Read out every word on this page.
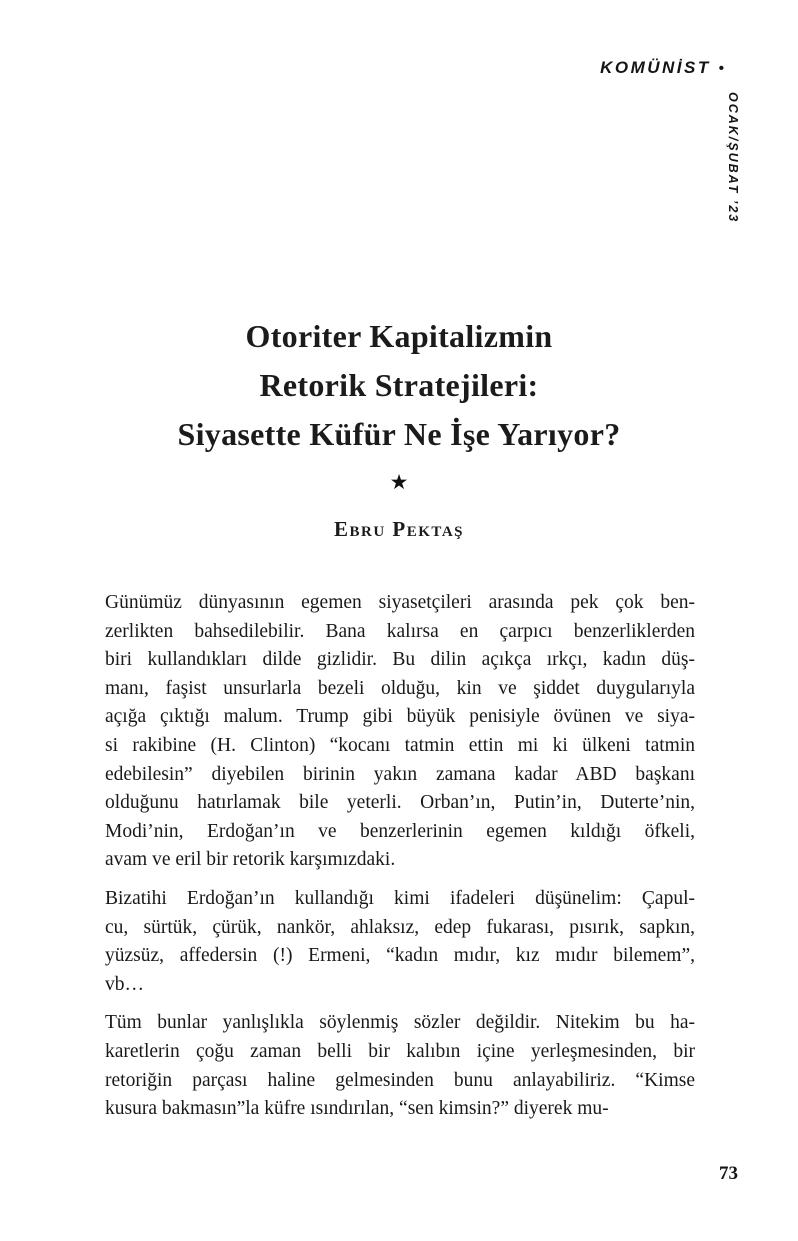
KOMÜNİST •
OCAK/ŞUBAT ’23
Otoriter Kapitalizmin
Retorik Stratejileri:
Siyasette Küfür Ne İşe Yarıyor?
★
Ebru Pektaş
Günümüz dünyasının egemen siyasetçileri arasında pek çok ben-
zerlikten bahsedilebilir. Bana kalırsa en çarpıcı benzerliklerden
biri kullandıkları dilde gizlidir. Bu dilin açıkça ırkçı, kadın düş-
manı, faşist unsurlarla bezeli olduğu, kin ve şiddet duygularıyla
açığa çıktığı malum. Trump gibi büyük penisiyle övünen ve siya-
si rakibine (H. Clinton) “kocanı tatmin ettin mi ki ülkeni tatmin
edebilesin” diyebilen birinin yakın zamana kadar ABD başkanı
olduğunu hatırlamak bile yeterli. Orban’ın, Putin’in, Duterte’nin,
Modi’nin, Erdoğan’ın ve benzerlerinin egemen kıldığı öfkeli,
avam ve eril bir retorik karşımızdaki.
Bizatihi Erdoğan’ın kullandığı kimi ifadeleri düşünelim: Çapul-
cu, sürtük, çürük, nankör, ahlaksız, edep fukarası, pısırık, sapkın,
yüzsüz, affedersin (!) Ermeni, “kadın mıdır, kız mıdır bilemem”,
vb…
Tüm bunlar yanlışlıkla söylenmiş sözler değildir. Nitekim bu ha-
karetlerin çoğu zaman belli bir kalıbın içine yerleşmesinden, bir
retoriğin parçası haline gelmesinden bunu anlayabiliriz. “Kimse
kusura bakmasın”la küfre ısındırılan, “sen kimsin?” diyerek mu-
73
